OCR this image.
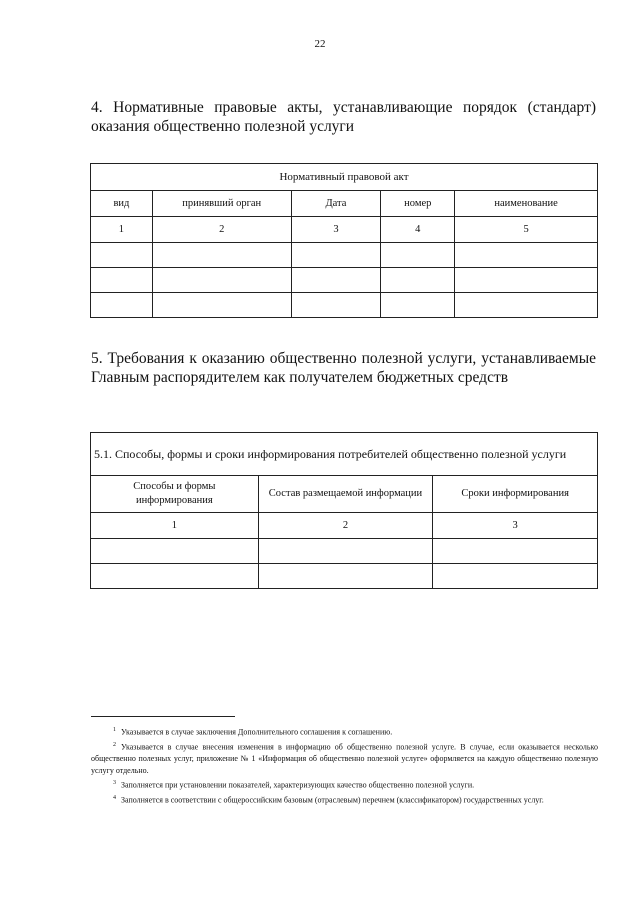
22
4. Нормативные правовые акты, устанавливающие порядок (стандарт) оказания общественно полезной услуги
Нормативный правовой акт				
вид	принявший орган	Дата	номер	наименование
1	2	3	4	5

5. Требования к оказанию общественно полезной услуги, устанавливаемые Главным распорядителем как получателем бюджетных средств
5.1. Способы, формы и сроки информирования потребителей общественно полезной услуги		
Способы и формы информирования	Состав размещаемой информации	Сроки информирования
1	2	3

$^1$ Указывается в случае заключения Дополнительного соглашения к соглашению.

$^2$ Указывается в случае внесения изменения в информацию об общественно полезной услуге. В случае, если оказывается несколько общественно полезных услуг, приложение № 1 «Информация об общественно полезной услуге» оформляется на каждую общественно полезную услугу отдельно.

$^3$ Заполняется при установлении показателей, характеризующих качество общественно полезной услуги.

$^4$ Заполняется в соответствии с общероссийским базовым (отраслевым) перечнем (классификатором) государственных услуг.
